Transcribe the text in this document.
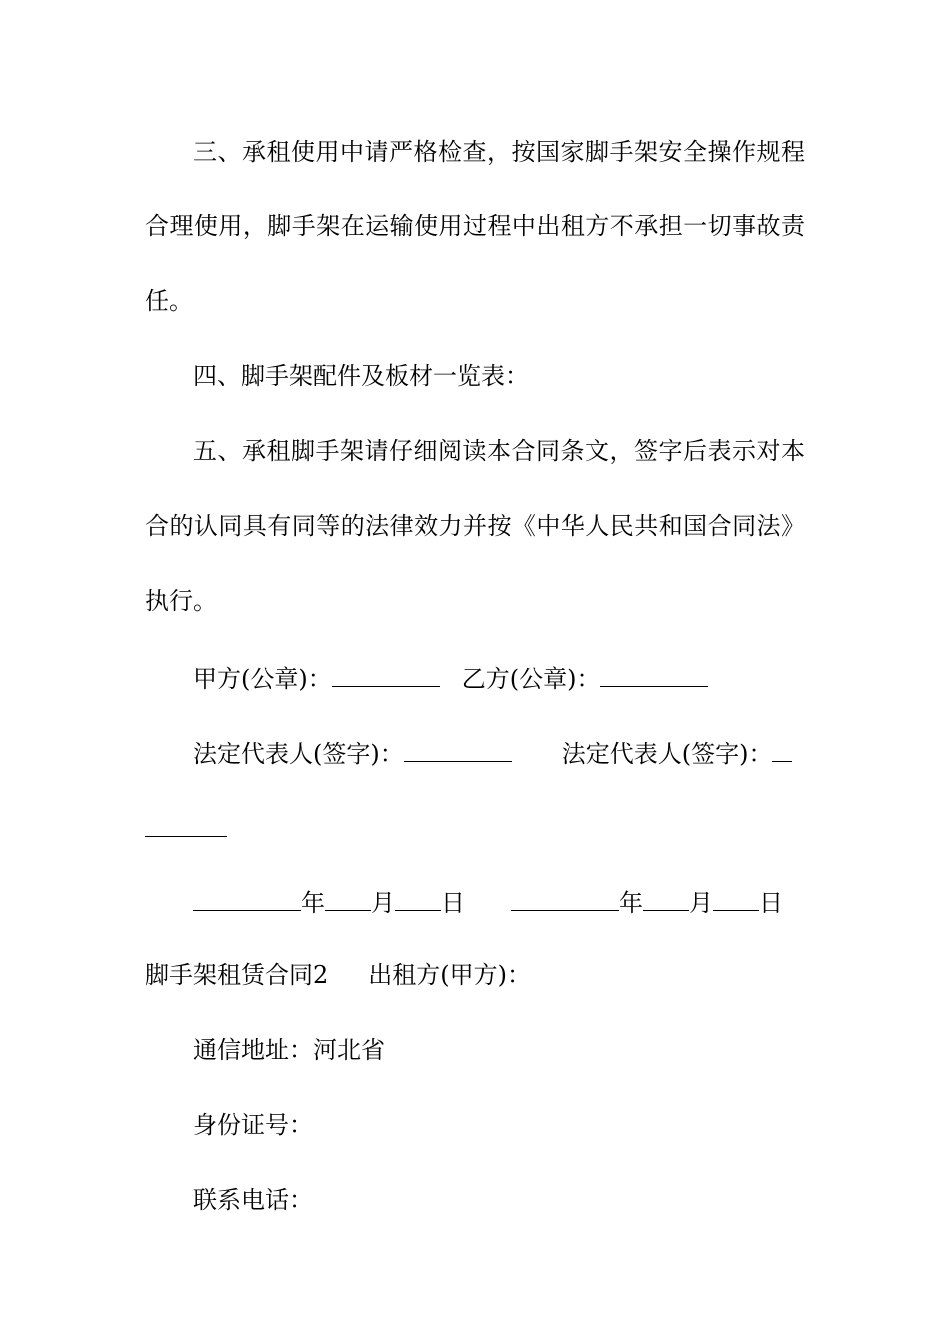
三、承租使用中请严格检查，按国家脚手架安全操作规程
合理使用，脚手架在运输使用过程中出租方不承担一切事故责
任。
四、脚手架配件及板材一览表：
五、承租脚手架请仔细阅读本合同条文，签字后表示对本
合的认同具有同等的法律效力并按《中华人民共和国合同法》
执行。
甲方(公章)：	乙方(公章)：
法定代表人(签字)：	法定代表人(签字)：
年 月 日	年 月 日
脚手架租赁合同2 出租方(甲方)：
通信地址：河北省
身份证号：
联系电话：
